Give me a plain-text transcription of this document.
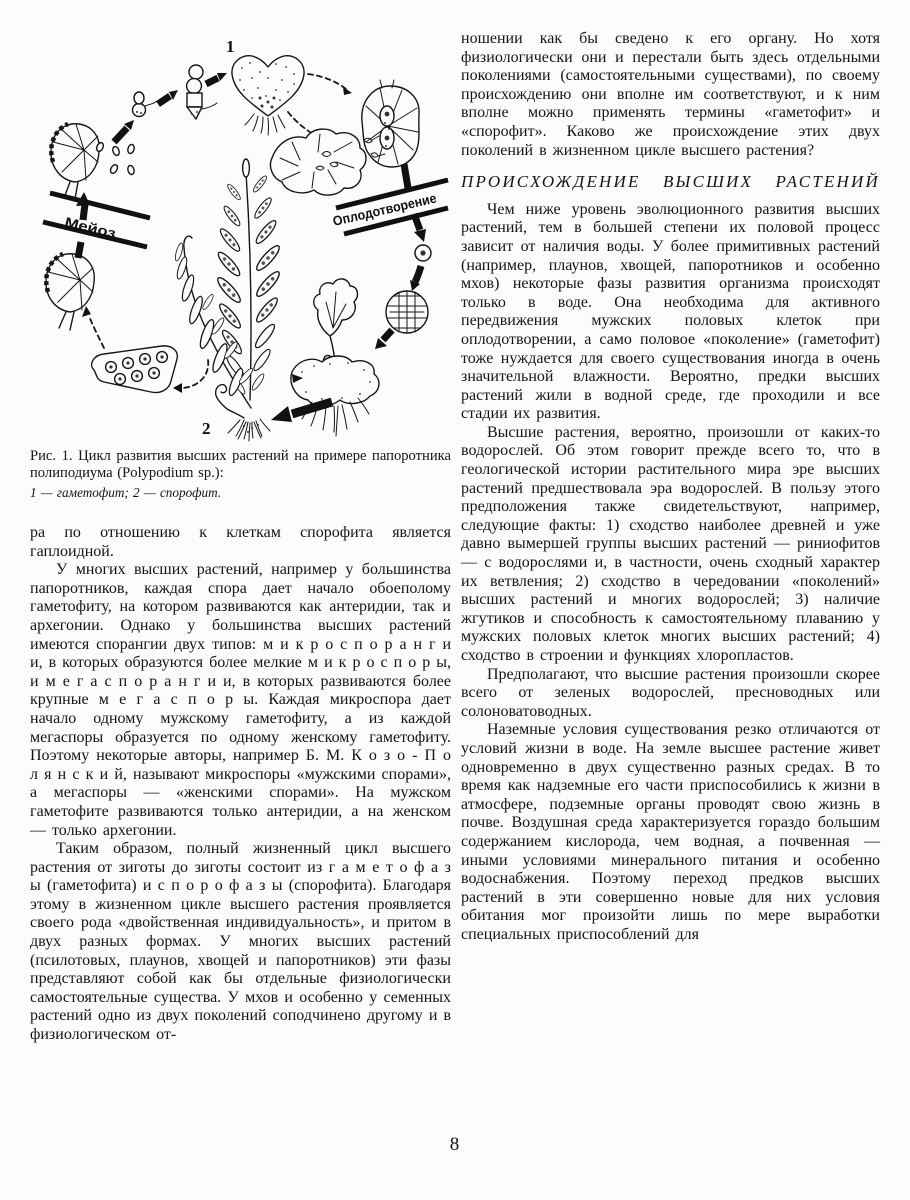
1
Оплодотворение
2
Мейоз
Рис. 1. Цикл развития высших растений на примере папоротника полиподиума (Polypodium sp.):
1 — гаметофит; 2 — спорофит.

ра по отношению к клеткам спорофита является гаплоидной.

У многих высших растений, например у большинства папоротников, каждая спора дает начало обоеполому гаметофиту, на котором развиваются как антеридии, так и архегонии. Однако у большинства высших растений имеются спорангии двух типов: м и к р о с п о р а н г и и, в которых образуются более мелкие м и к р о с п о р ы, и м е г а с п о р а н г и и, в которых развиваются более крупные м е г а с п о р ы. Каждая микроспора дает начало одному мужскому гаметофиту, а из каждой мегаспоры образуется по одному женскому гаметофиту. Поэтому некоторые авторы, например Б. М. К о з о - П о л я н с к и й, называют микроспоры «мужскими спорами», а мегаспоры — «женскими спорами». На мужском гаметофите развиваются только антеридии, а на женском — только архегонии.

Таким образом, полный жизненный цикл высшего растения от зиготы до зиготы состоит из г а м е т о ф а з ы (гаметофита) и с п о р о ф а з ы (спорофита). Благодаря этому в жизненном цикле высшего растения проявляется своего рода «двойственная индивидуальность», и притом в двух разных формах. У многих высших растений (псилотовых, плаунов, хвощей и папоротников) эти фазы представляют собой как бы отдельные физиологически самостоятельные существа. У мхов и особенно у семенных растений одно из двух поколений соподчинено другому и в физиологическом от-

ношении как бы сведено к его органу. Но хотя физиологически они и перестали быть здесь отдельными поколениями (самостоятельными существами), по своему происхождению они вполне им соответствуют, и к ним вполне можно применять термины «гаметофит» и «спорофит». Каково же происхождение этих двух поколений в жизненном цикле высшего растения?

ПРОИСХОЖДЕНИЕ ВЫСШИХ РАСТЕНИЙ

Чем ниже уровень эволюционного развития высших растений, тем в большей степени их половой процесс зависит от наличия воды. У более примитивных растений (например, плаунов, хвощей, папоротников и особенно мхов) некоторые фазы развития организма происходят только в воде. Она необходима для активного передвижения мужских половых клеток при оплодотворении, а само половое «поколение» (гаметофит) тоже нуждается для своего существования иногда в очень значительной влажности. Вероятно, предки высших растений жили в водной среде, где проходили и все стадии их развития.

Высшие растения, вероятно, произошли от каких-то водорослей. Об этом говорит прежде всего то, что в геологической истории растительного мира эре высших растений предшествовала эра водорослей. В пользу этого предположения также свидетельствуют, например, следующие факты: 1) сходство наиболее древней и уже давно вымершей группы высших растений — риниофитов — с водорослями и, в частности, очень сходный характер их ветвления; 2) сходство в чередовании «поколений» высших растений и многих водорослей; 3) наличие жгутиков и способность к самостоятельному плаванию у мужских половых клеток многих высших растений; 4) сходство в строении и функциях хлоропластов.

Предполагают, что высшие растения произошли скорее всего от зеленых водорослей, пресноводных или солоноватоводных.

Наземные условия существования резко отличаются от условий жизни в воде. На земле высшее растение живет одновременно в двух существенно разных средах. В то время как надземные его части приспособились к жизни в атмосфере, подземные органы проводят свою жизнь в почве. Воздушная среда характеризуется гораздо большим содержанием кислорода, чем водная, а почвенная — иными условиями минерального питания и особенно водоснабжения. Поэтому переход предков высших растений в эти совершенно новые для них условия обитания мог произойти лишь по мере выработки специальных приспособлений для

8
